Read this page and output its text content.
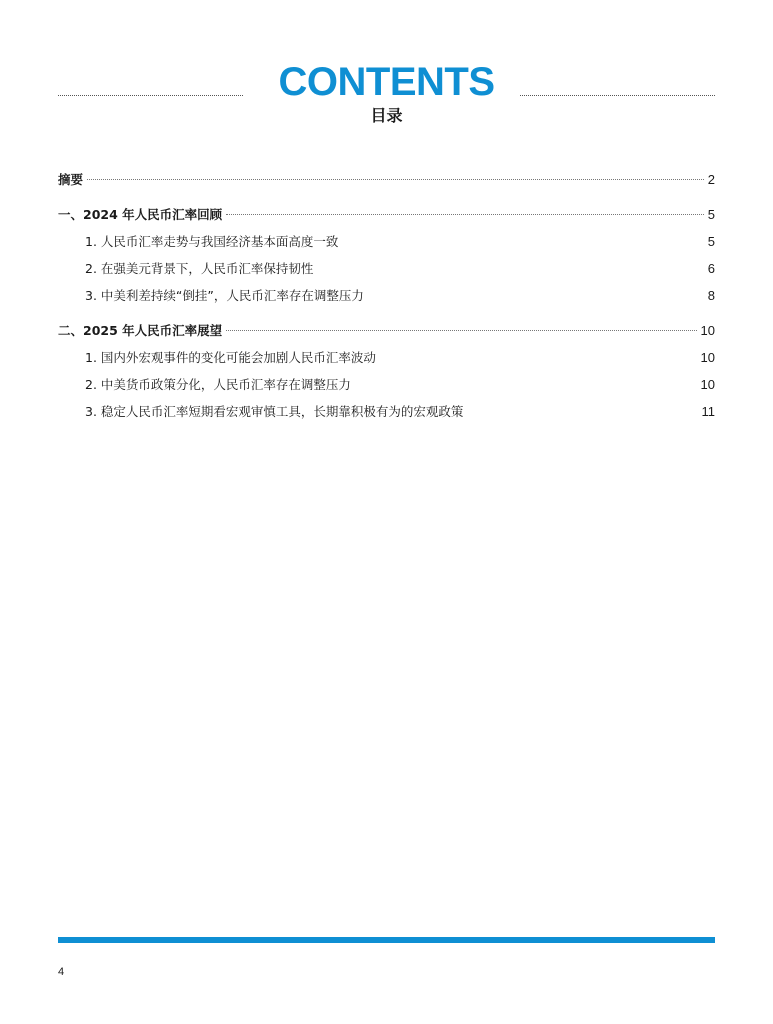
CONTENTS
目录
摘要	2
一、2024 年人民币汇率回顾	5
1. 人民币汇率走势与我国经济基本面高度一致	5
2. 在强美元背景下，人民币汇率保持韧性	6
3. 中美利差持续“倒挂”，人民币汇率存在调整压力	8
二、2025 年人民币汇率展望	10
1. 国内外宏观事件的变化可能会加剧人民币汇率波动	10
2. 中美货币政策分化，人民币汇率存在调整压力	10
3. 稳定人民币汇率短期看宏观审慎工具，长期靠积极有为的宏观政策	11
4
